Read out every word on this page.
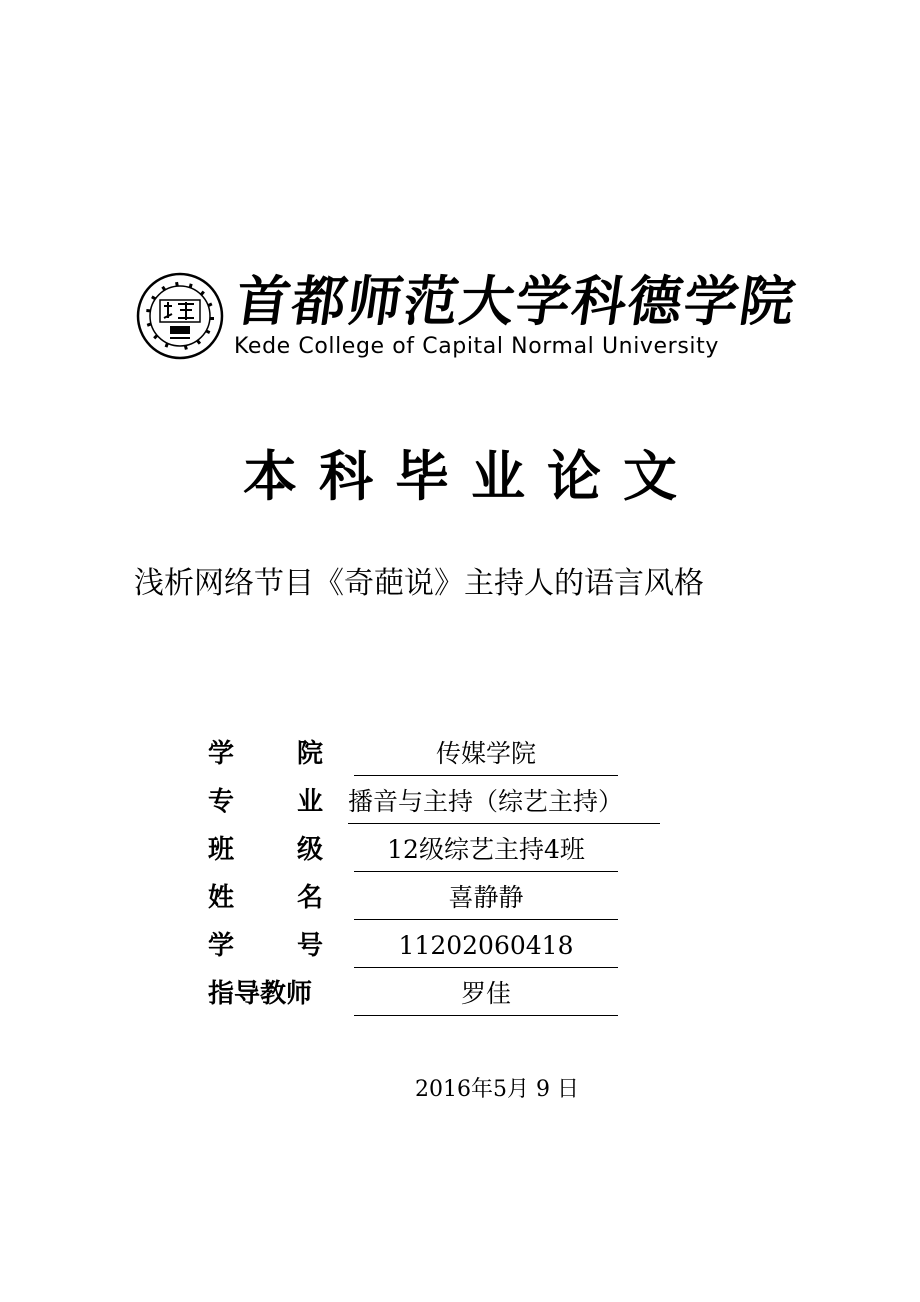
首都师范大学科德学院
Kede College of Capital Normal University
本科毕业论文
浅析网络节目《奇葩说》主持人的语言风格
学 院	传媒学院
专 业 播音与主持（综艺主持）
班 级	12级综艺主持4班
姓 名	喜静静
学 号	11202060418
指导教师	罗佳
2016年5月 9 日
